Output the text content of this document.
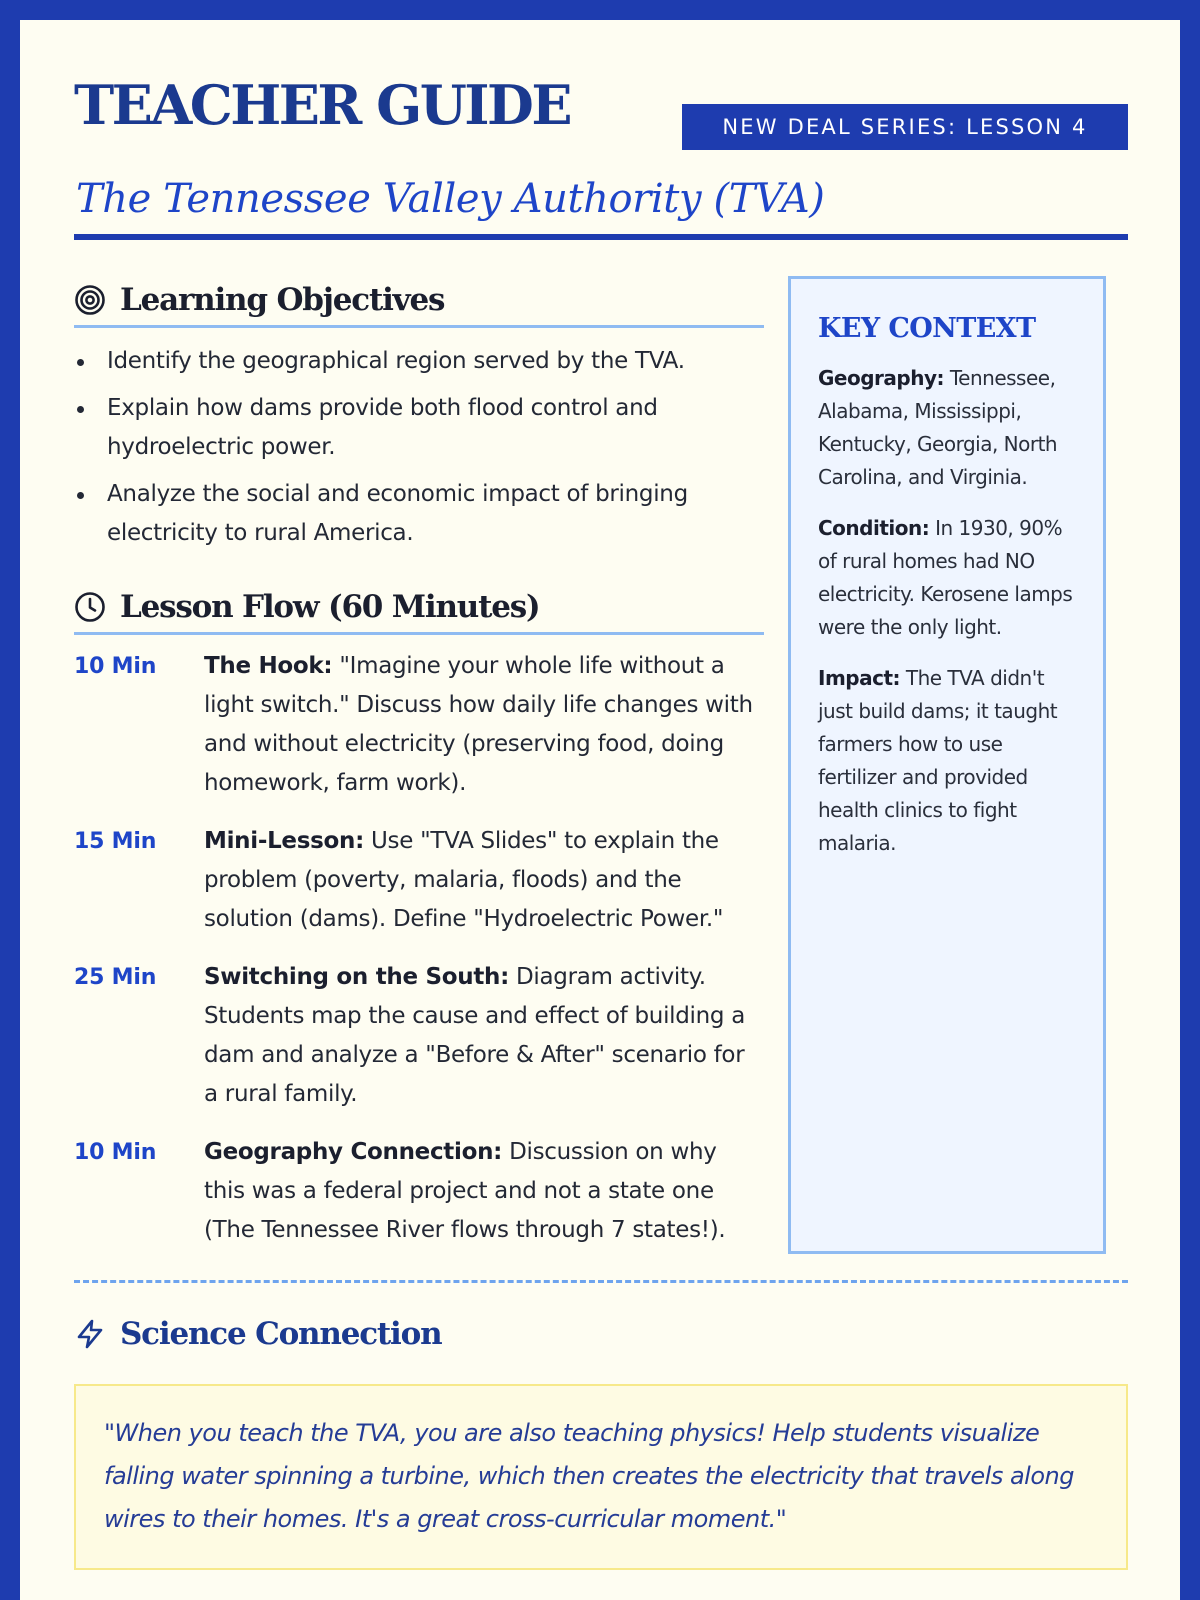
TEACHER GUIDE	NEW DEAL SERIES: LESSON 4
The Tennessee Valley Authority (TVA)
Learning Objectives
Identify the geographical region served by the TVA.
Explain how dams provide both flood control and hydroelectric power.
Analyze the social and economic impact of bringing electricity to rural America.
Lesson Flow (60 Minutes)
10 Min	The Hook: "Imagine your whole life without a light switch." Discuss how daily life changes with and without electricity (preserving food, doing homework, farm work).
15 Min	Mini-Lesson: Use "TVA Slides" to explain the problem (poverty, malaria, floods) and the solution (dams). Define "Hydroelectric Power."
25 Min	Switching on the South: Diagram activity. Students map the cause and effect of building a dam and analyze a "Before & After" scenario for a rural family.
10 Min	Geography Connection: Discussion on why this was a federal project and not a state one (The Tennessee River flows through 7 states!).
KEY CONTEXT

Geography: Tennessee, Alabama, Mississippi, Kentucky, Georgia, North Carolina, and Virginia.

Condition: In 1930, 90% of rural homes had NO electricity. Kerosene lamps were the only light.

Impact: The TVA didn't just build dams; it taught farmers how to use fertilizer and provided health clinics to fight malaria.

Science Connection
"When you teach the TVA, you are also teaching physics! Help students visualize falling water spinning a turbine, which then creates the electricity that travels along wires to their homes. It's a great cross-curricular moment."
